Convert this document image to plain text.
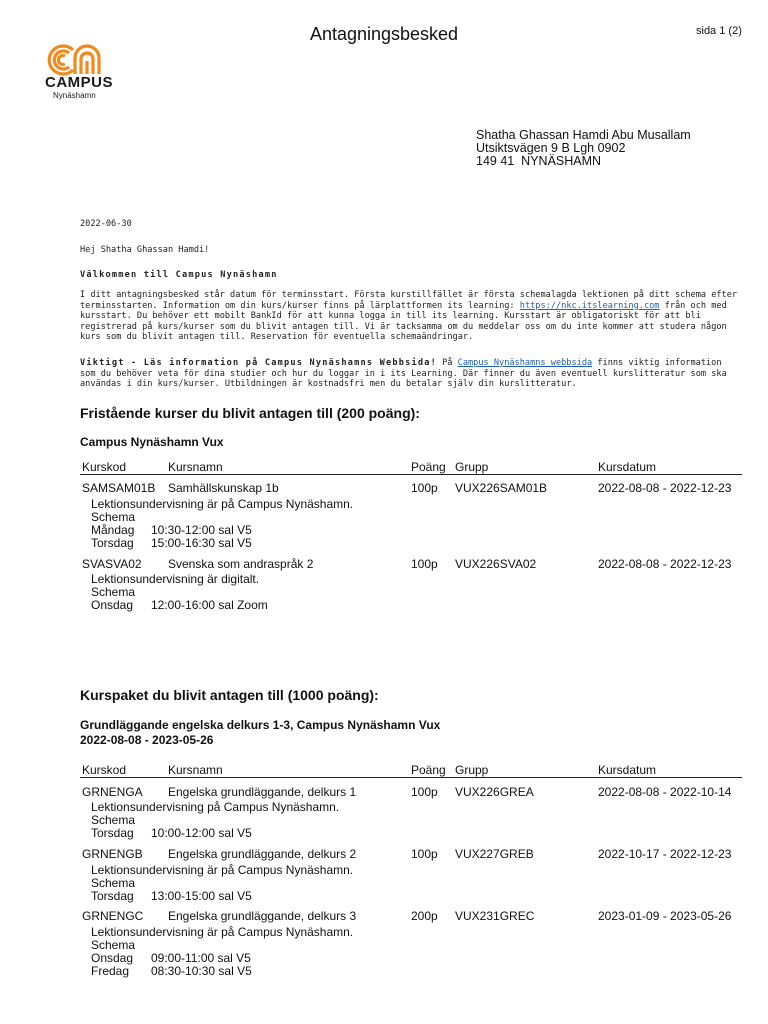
Antagningsbesked	sida 1 (2)
CAMPUS
Nynäshamn
Shatha Ghassan Hamdi Abu Musallam
Utsiktsvägen 9 B Lgh 0902
149 41  NYNÄSHAMN
2022-06-30
Hej Shatha Ghassan Hamdi!
Välkommen till Campus Nynäshamn
I ditt antagningsbesked står datum för terminsstart. Första kurstillfället är första schemalagda lektionen på ditt schema efter terminsstarten. Information om din kurs/kurser finns på lärplattformen its learning: https://nkc.itslearning.com från och med kursstart. Du behöver ett mobilt BankId för att kunna logga in till its learning. Kursstart är obligatoriskt för att bli registrerad på kurs/kurser som du blivit antagen till. Vi är tacksamma om du meddelar oss om du inte kommer att studera någon kurs som du blivit antagen till. Reservation för eventuella schemaändringar.
Viktigt - Läs information på Campus Nynäshamns Webbsida! På Campus Nynäshamns webbsida finns viktig information som du behöver veta för dina studier och hur du loggar in i its Learning. Där finner du även eventuell kurslitteratur som ska användas i din kurs/kurser. Utbildningen är kostnadsfri men du betalar själv din kurslitteratur.
Fristående kurser du blivit antagen till (200 poäng):
Campus Nynäshamn Vux
Kurskod	Kursnamn	Poäng Grupp	Kursdatum
SAMSAM01B Samhällskunskap 1b	100p VUX226SAM01B	2022-08-08 - 2022-12-23
Lektionsundervisning är på Campus Nynäshamn.
Schema
Måndag 10:30-12:00 sal V5
Torsdag 15:00-16:30 sal V5
SVASVA02 Svenska som andraspråk 2	100p VUX226SVA02	2022-08-08 - 2022-12-23
Lektionsundervisning är digitalt.
Schema
Onsdag 12:00-16:00 sal Zoom
Kurspaket du blivit antagen till (1000 poäng):
Grundläggande engelska delkurs 1-3, Campus Nynäshamn Vux
2022-08-08 - 2023-05-26
Kurskod	Kursnamn	Poäng Grupp	Kursdatum
GRNENGA Engelska grundläggande, delkurs 1	100p VUX226GREA	2022-08-08 - 2022-10-14
Lektionsundervisning på Campus Nynäshamn.
Schema
Torsdag 10:00-12:00 sal V5
GRNENGB Engelska grundläggande, delkurs 2	100p VUX227GREB	2022-10-17 - 2022-12-23
Lektionsundervisning är på Campus Nynäshamn.
Schema
Torsdag 13:00-15:00 sal V5
GRNENGC Engelska grundläggande, delkurs 3	200p VUX231GREC	2023-01-09 - 2023-05-26
Lektionsundervisning är på Campus Nynäshamn.
Schema
Onsdag 09:00-11:00 sal V5
Fredag 08:30-10:30 sal V5
